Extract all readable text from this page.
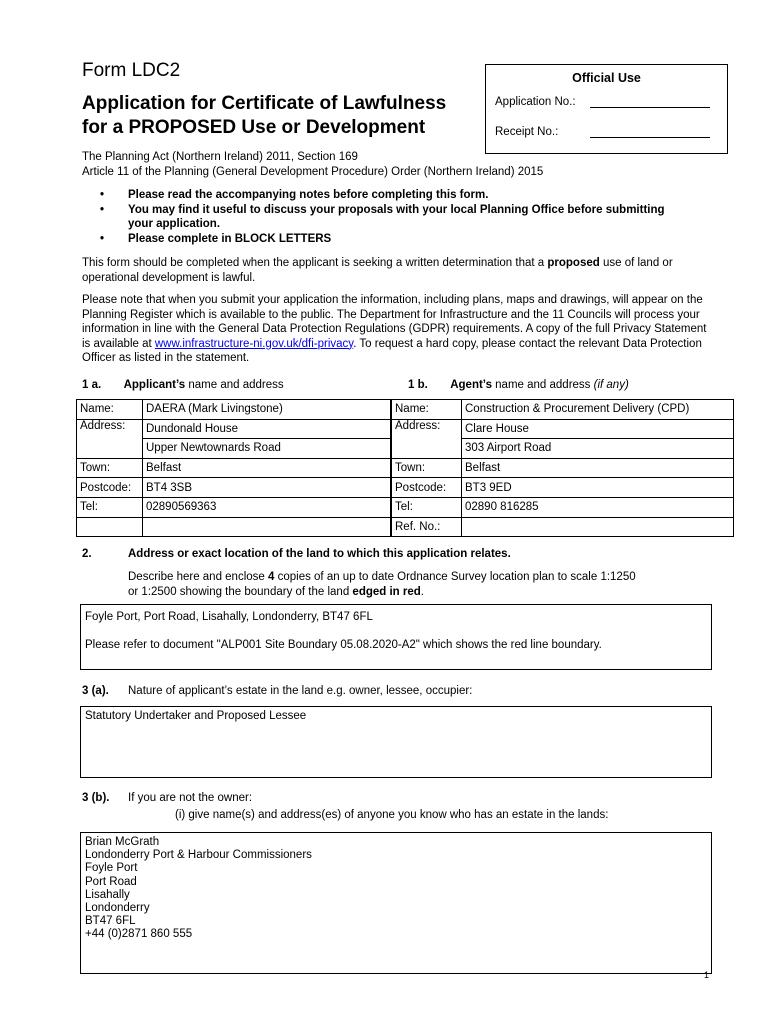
Form LDC2
Application for Certificate of Lawfulness
for a PROPOSED Use or Development
Official Use
Application No.:
Receipt No.:
The Planning Act (Northern Ireland) 2011, Section 169
Article 11 of the Planning (General Development Procedure) Order (Northern Ireland) 2015
• Please read the accompanying notes before completing this form.
• You may find it useful to discuss your proposals with your local Planning Office before submitting your application.
• Please complete in BLOCK LETTERS
This form should be completed when the applicant is seeking a written determination that a proposed use of land or operational development is lawful.
Please note that when you submit your application the information, including plans, maps and drawings, will appear on the Planning Register which is available to the public. The Department for Infrastructure and the 11 Councils will process your information in line with the General Data Protection Regulations (GDPR) requirements. A copy of the full Privacy Statement is available at www.infrastructure-ni.gov.uk/dfi-privacy. To request a hard copy, please contact the relevant Data Protection Officer as listed in the statement.
1 a. Applicant’s name and address	1 b. Agent’s name and address (if any)
Name:	DAERA (Mark Livingstone)
Address:	Dundonald House
	Upper Newtownards Road
Town:	Belfast
Postcode:	BT4 3SB
Tel:	02890569363

Name:	Construction & Procurement Delivery (CPD)
Address:	Clare House
	303 Airport Road
Town:	Belfast
Postcode:	BT3 9ED
Tel:	02890 816285
Ref. No.:	
2.	Address or exact location of the land to which this application relates.
Describe here and enclose 4 copies of an up to date Ordnance Survey location plan to scale 1:1250
or 1:2500 showing the boundary of the land edged in red.
Foyle Port, Port Road, Lisahally, Londonderry, BT47 6FL
Please refer to document "ALP001 Site Boundary 05.08.2020-A2" which shows the red line boundary.
3 (a). Nature of applicant’s estate in the land e.g. owner, lessee, occupier:
Statutory Undertaker and Proposed Lessee
3 (b). If you are not the owner:
(i) give name(s) and address(es) of anyone you know who has an estate in the lands:
Brian McGrath
Londonderry Port & Harbour Commissioners
Foyle Port
Port Road
Lisahally
Londonderry
BT47 6FL
+44 (0)2871 860 555
1
